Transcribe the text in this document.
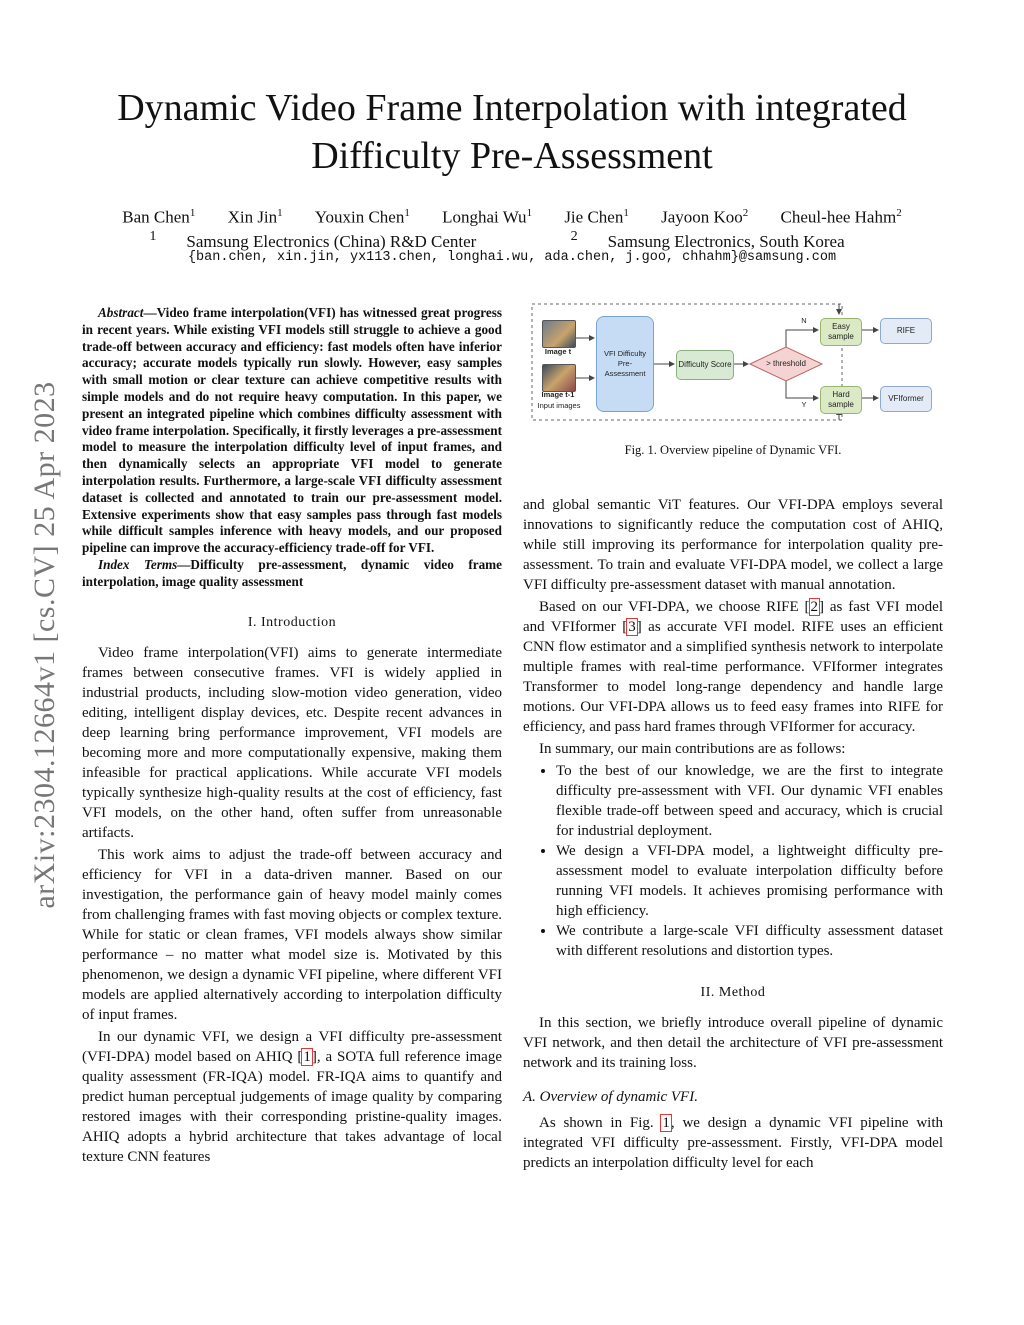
Dynamic Video Frame Interpolation with integrated Difficulty Pre-Assessment
Ban Chen$^1$ Xin Jin$^1$ Youxin Chen$^1$ Longhai Wu$^1$ Jie Chen$^1$ Jayoon Koo$^2$ Cheul-hee Hahm$^2$
$^1$ Samsung Electronics (China) R&D Center	$^2$ Samsung Electronics, South Korea
{ban.chen, xin.jin, yx113.chen, longhai.wu, ada.chen, j.goo, chhahm}@samsung.com
arXiv:2304.12664v1 [cs.CV] 25 Apr 2023
Abstract—Video frame interpolation(VFI) has witnessed great progress in recent years. While existing VFI models still struggle to achieve a good trade-off between accuracy and efficiency: fast models often have inferior accuracy; accurate models typically run slowly. However, easy samples with small motion or clear texture can achieve competitive results with simple models and do not require heavy computation. In this paper, we present an integrated pipeline which combines difficulty assessment with video frame interpolation. Specifically, it firstly leverages a pre-assessment model to measure the interpolation difficulty level of input frames, and then dynamically selects an appropriate VFI model to generate interpolation results. Furthermore, a large-scale VFI difficulty assessment dataset is collected and annotated to train our pre-assessment model. Extensive experiments show that easy samples pass through fast models while difficult samples inference with heavy models, and our proposed pipeline can improve the accuracy-efficiency trade-off for VFI.
Index Terms—Difficulty pre-assessment, dynamic video frame interpolation, image quality assessment
I. Introduction

Video frame interpolation(VFI) aims to generate intermediate frames between consecutive frames. VFI is widely applied in industrial products, including slow-motion video generation, video editing, intelligent display devices, etc. Despite recent advances in deep learning bring performance improvement, VFI models are becoming more and more computationally expensive, making them infeasible for practical applications. While accurate VFI models typically synthesize high-quality results at the cost of efficiency, fast VFI models, on the other hand, often suffer from unreasonable artifacts.

This work aims to adjust the trade-off between accuracy and efficiency for VFI in a data-driven manner. Based on our investigation, the performance gain of heavy model mainly comes from challenging frames with fast moving objects or complex texture. While for static or clean frames, VFI models always show similar performance – no matter what model size is. Motivated by this phenomenon, we design a dynamic VFI pipeline, where different VFI models are applied alternatively according to interpolation difficulty of input frames.

In our dynamic VFI, we design a VFI difficulty pre-assessment (VFI-DPA) model based on AHIQ [1], a SOTA full reference image quality assessment (FR-IQA) model. FR-IQA aims to quantify and predict human perceptual judgements of image quality by comparing restored images with their corresponding pristine-quality images. AHIQ adopts a hybrid architecture that takes advantage of local texture CNN features

Image t
Image t-1
Input images
VFI Difficulty Pre-Assessment
Difficulty Score	> threshold
N
Y
Easy sample
Hard sample
RIFE
VFIformer
Fig. 1. Overview pipeline of Dynamic VFI.

and global semantic ViT features. Our VFI-DPA employs several innovations to significantly reduce the computation cost of AHIQ, while still improving its performance for interpolation quality pre-assessment. To train and evaluate VFI-DPA model, we collect a large VFI difficulty pre-assessment dataset with manual annotation.

Based on our VFI-DPA, we choose RIFE [2] as fast VFI model and VFIformer [3] as accurate VFI model. RIFE uses an efficient CNN flow estimator and a simplified synthesis network to interpolate multiple frames with real-time performance. VFIformer integrates Transformer to model long-range dependency and handle large motions. Our VFI-DPA allows us to feed easy frames into RIFE for efficiency, and pass hard frames through VFIformer for accuracy.

In summary, our main contributions are as follows:

• To the best of our knowledge, we are the first to integrate difficulty pre-assessment with VFI. Our dynamic VFI enables flexible trade-off between speed and accuracy, which is crucial for industrial deployment.
• We design a VFI-DPA model, a lightweight difficulty pre-assessment model to evaluate interpolation difficulty before running VFI models. It achieves promising performance with high efficiency.
• We contribute a large-scale VFI difficulty assessment dataset with different resolutions and distortion types.
II. Method

In this section, we briefly introduce overall pipeline of dynamic VFI network, and then detail the architecture of VFI pre-assessment network and its training loss.

A. Overview of dynamic VFI.

As shown in Fig. 1, we design a dynamic VFI pipeline with integrated VFI difficulty pre-assessment. Firstly, VFI-DPA model predicts an interpolation difficulty level for each
